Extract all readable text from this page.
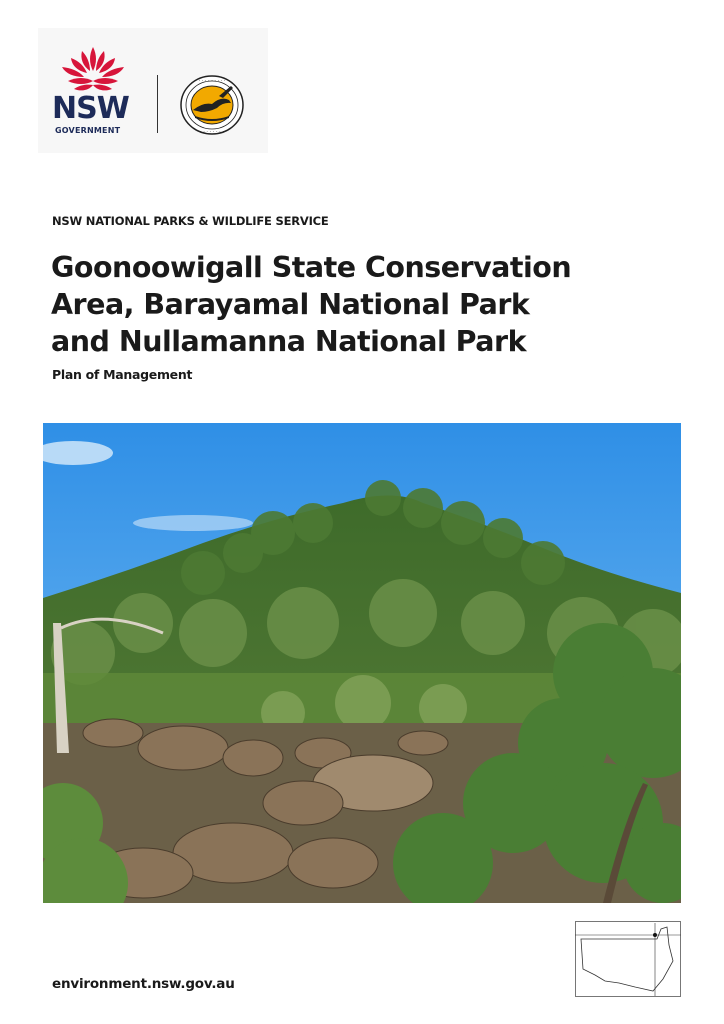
NSW
GOVERNMENT
· · · · · · · · ·
· · · · · · · ·
NSW NATIONAL PARKS & WILDLIFE SERVICE
Goonoowigall State Conservation
Area, Barayamal National Park
and Nullamanna National Park
Plan of Management
environment.nsw.gov.au
